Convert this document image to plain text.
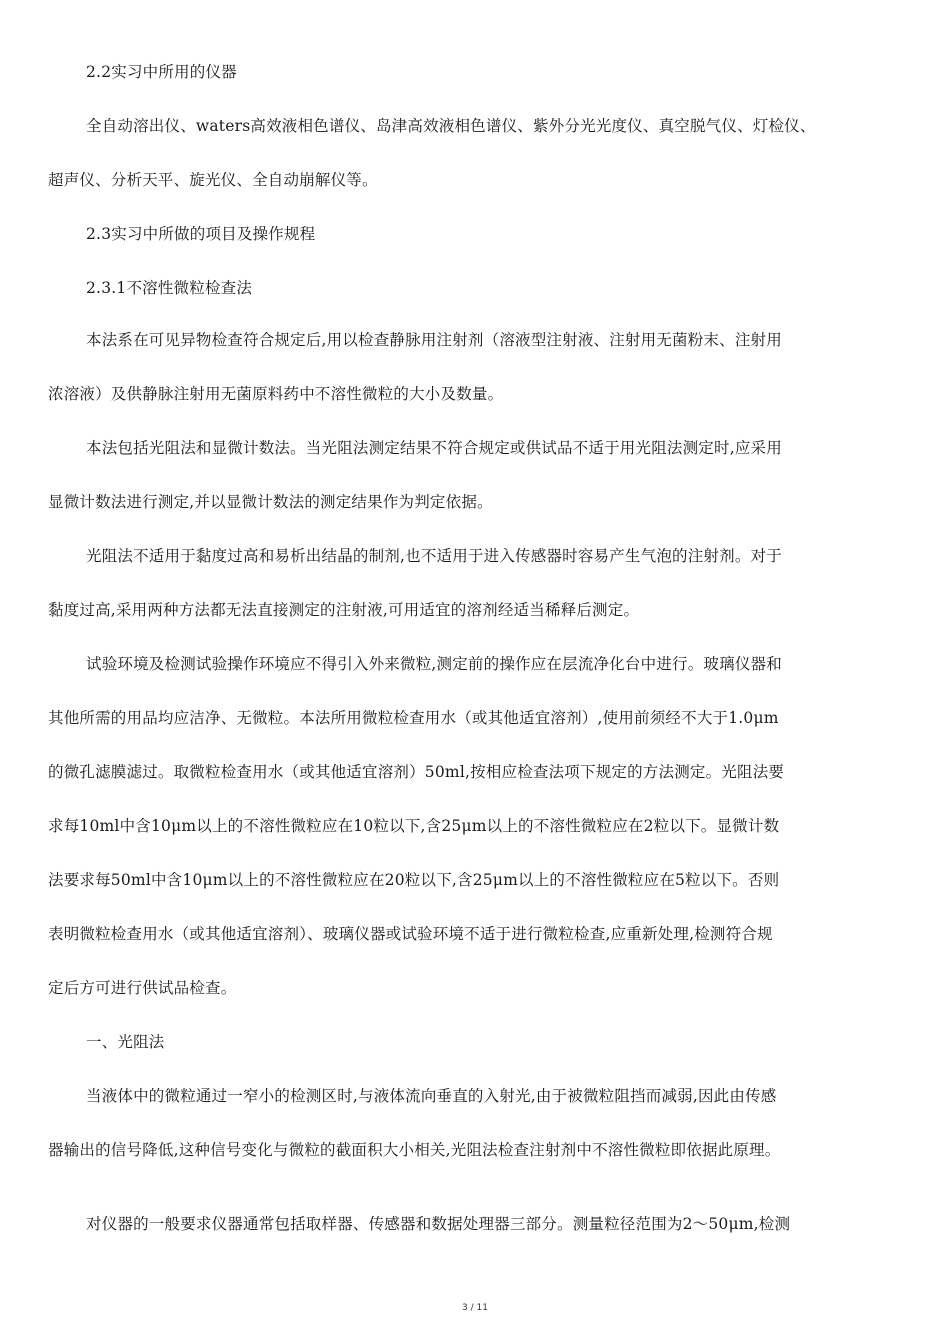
2.2实习中所用的仪器
全自动溶出仪、waters高效液相色谱仪、岛津高效液相色谱仪、紫外分光光度仪、真空脱气仪、灯检仪、
超声仪、分析天平、旋光仪、全自动崩解仪等。
2.3实习中所做的项目及操作规程
2.3.1不溶性微粒检查法
本法系在可见异物检查符合规定后,用以检查静脉用注射剂（溶液型注射液、注射用无菌粉末、注射用
浓溶液）及供静脉注射用无菌原料药中不溶性微粒的大小及数量。
本法包括光阻法和显微计数法。当光阻法测定结果不符合规定或供试品不适于用光阻法测定时,应采用
显微计数法进行测定,并以显微计数法的测定结果作为判定依据。
光阻法不适用于黏度过高和易析出结晶的制剂,也不适用于进入传感器时容易产生气泡的注射剂。对于
黏度过高,采用两种方法都无法直接测定的注射液,可用适宜的溶剂经适当稀释后测定。
试验环境及检测试验操作环境应不得引入外来微粒,测定前的操作应在层流净化台中进行。玻璃仪器和
其他所需的用品均应洁净、无微粒。本法所用微粒检查用水（或其他适宜溶剂）,使用前须经不大于1.0μm
的微孔滤膜滤过。取微粒检查用水（或其他适宜溶剂）50ml,按相应检查法项下规定的方法测定。光阻法要
求每10ml中含10μm以上的不溶性微粒应在10粒以下,含25μm以上的不溶性微粒应在2粒以下。显微计数
法要求每50ml中含10μm以上的不溶性微粒应在20粒以下,含25μm以上的不溶性微粒应在5粒以下。否则
表明微粒检查用水（或其他适宜溶剂）、玻璃仪器或试验环境不适于进行微粒检查,应重新处理,检测符合规
定后方可进行供试品检查。
一、光阻法
当液体中的微粒通过一窄小的检测区时,与液体流向垂直的入射光,由于被微粒阻挡而减弱,因此由传感
器输出的信号降低,这种信号变化与微粒的截面积大小相关,光阻法检查注射剂中不溶性微粒即依据此原理。
对仪器的一般要求仪器通常包括取样器、传感器和数据处理器三部分。测量粒径范围为2～50μm,检测
3 / 11
